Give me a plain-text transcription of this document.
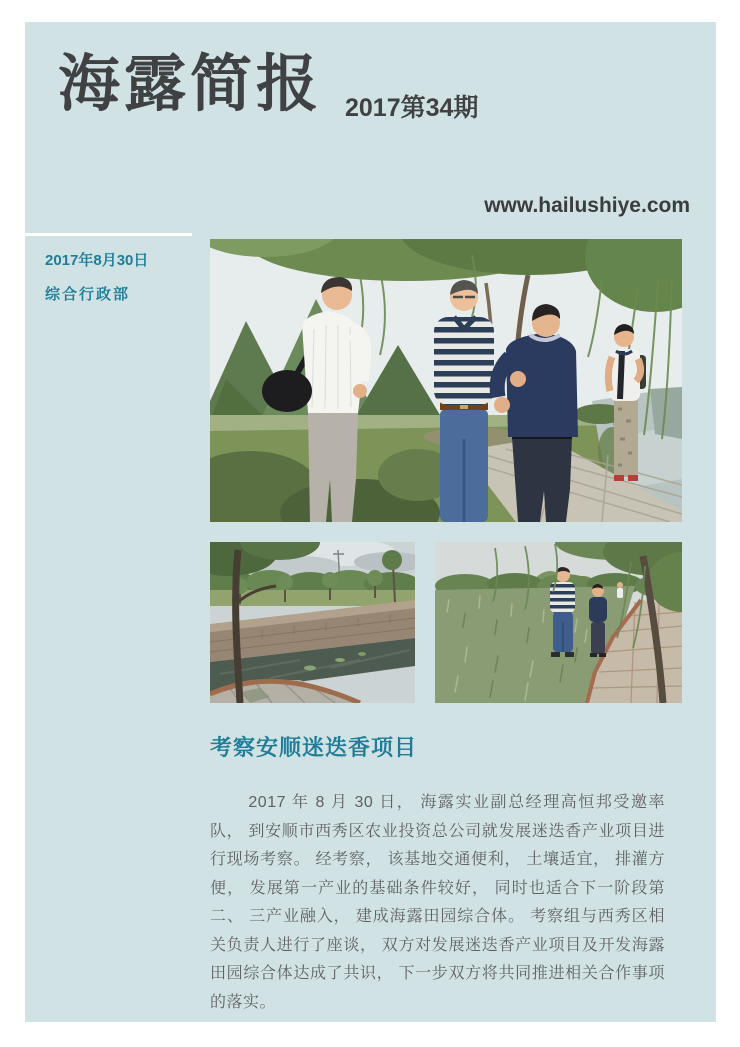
海露简报 2017第34期
www.hailushiye.com
2017年8月30日
综合行政部
考察安顺迷迭香项目

2017 年 8 月 30 日， 海露实业副总经理高恒邦受邀率队， 到安顺市西秀区农业投资总公司就发展迷迭香产业项目进行现场考察。 经考察， 该基地交通便利， 土壤适宜， 排灌方便， 发展第一产业的基础条件较好， 同时也适合下一阶段第二、 三产业融入， 建成海露田园综合体。 考察组与西秀区相关负责人进行了座谈， 双方对发展迷迭香产业项目及开发海露田园综合体达成了共识， 下一步双方将共同推进相关合作事项的落实。
